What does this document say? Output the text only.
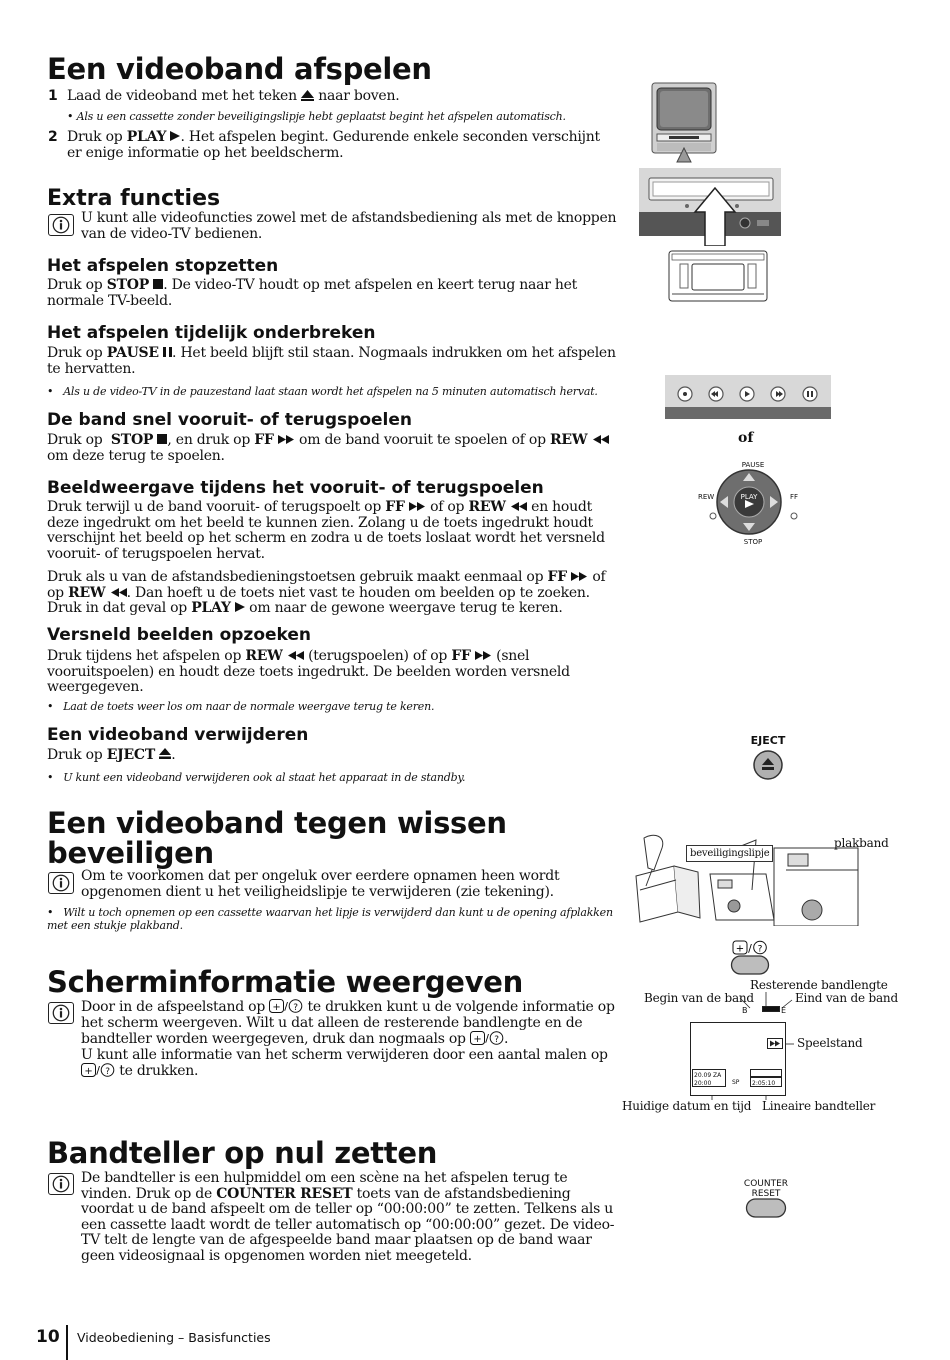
Een videoband afspelen
1 Laad de videoband met het teken naar boven.
• Als u een cassette zonder beveiligingslipje hebt geplaatst begint het afspelen automatisch.
2 Druk op PLAY . Het afspelen begint. Gedurende enkele seconden verschijnt er enige informatie op het beeldscherm.
Extra functies
U kunt alle videofuncties zowel met de afstandsbediening als met de knoppen van de video-TV bedienen.
Het afspelen stopzetten
Druk op STOP . De video-TV houdt op met afspelen en keert terug naar het normale TV-beeld.
Het afspelen tijdelijk onderbreken
Druk op PAUSE . Het beeld blijft stil staan. Nogmaals indrukken om het afspelen te hervatten.
•   Als u de video-TV in de pauzestand laat staan wordt het afspelen na 5 minuten automatisch hervat.
De band snel vooruit- of terugspoelen
Druk op STOP , en druk op FF om de band vooruit te spoelen of op REW  om deze terug te spoelen.
Beeldweergave tijdens het vooruit- of terugspoelen
Druk terwijl u de band vooruit- of terugspoelt op FF of op REW en houdt deze ingedrukt om het beeld te kunnen zien. Zolang u de toets ingedrukt houdt verschijnt het beeld op het scherm en zodra u de toets loslaat wordt het versneld vooruit- of terugspoelen hervat.
Druk als u van de afstandsbedieningstoetsen gebruik maakt eenmaal op FF of op REW . Dan hoeft u de toets niet vast te houden om beelden op te zoeken. Druk in dat geval op PLAY om naar de gewone weergave terug te keren.
Versneld beelden opzoeken
Druk tijdens het afspelen op REW (terugspoelen) of op FF (snel vooruitspoelen) en houdt deze toets ingedrukt. De beelden worden versneld weergegeven.
•   Laat de toets weer los om naar de normale weergave terug te keren.
Een videoband verwijderen
Druk op EJECT .
•   U kunt een videoband verwijderen ook al staat het apparaat in de standby.
Een videoband tegen wissen
beveiligen
Om te voorkomen dat per ongeluk over eerdere opnamen heen wordt opgenomen dient u het veiligheidslipje te verwijderen (zie tekening).
•   Wilt u toch opnemen op een cassette waarvan het lipje is verwijderd dan kunt u de opening afplakken met een stukje plakband.
Scherminformatie weergeven
Door in de afspeelstand op + / ? te drukken kunt u de volgende informatie op het scherm weergeven. Wilt u dat alleen de resterende bandlengte en de bandteller worden weergegeven, druk dan nogmaals op + / ? .
U kunt alle informatie van het scherm verwijderen door een aantal malen op
+ / ? te drukken.
Bandteller op nul zetten
De bandteller is een hulpmiddel om een scène na het afspelen terug te vinden. Druk op de COUNTER RESET toets van de afstandsbediening voordat u de band afspeelt om de teller op “00:00:00” te zetten. Telkens als u een cassette laadt wordt de teller automatisch op “00:00:00” gezet. De video-TV telt de lengte van de afgespeelde band maar plaatsen op de band waar geen videosignaal is opgenomen worden niet meegeteld.
10 Videobediening – Basisfuncties
of
PAUSE
STOP
REW	FF
PLAY
EJECT
beveiligingslipje
plakband
+ / ?
Resterende bandlengte
Begin van de band	Eind van de band
Speelstand
Huidige datum en tijd Lineaire bandteller
B	E
20.09 ZA
20:00	SP 2:05:10
COUNTER
RESET
